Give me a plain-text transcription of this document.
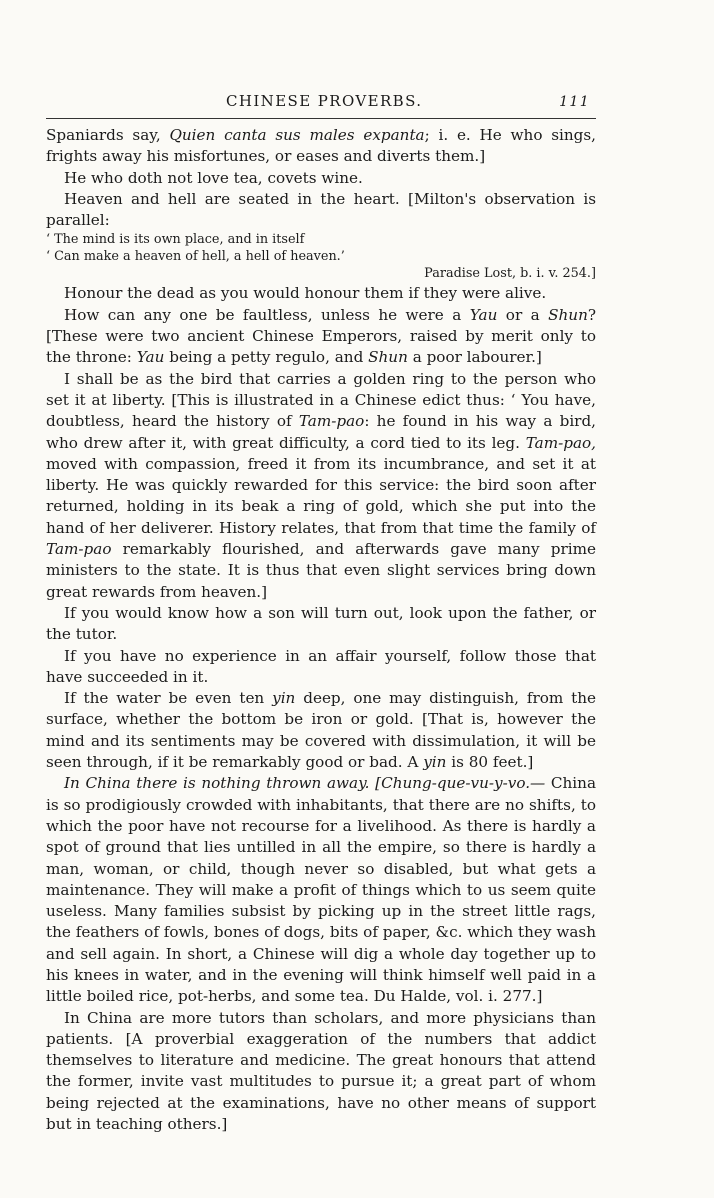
CHINESE PROVERBS.	111

Spaniards say, Quien canta sus males expanta; i. e. He who sings, frights away his misfortunes, or eases and diverts them.]

He who doth not love tea, covets wine.

Heaven and hell are seated in the heart. [Milton's observation is parallel:

‘ The mind is its own place, and in itself

‘ Can make a heaven of hell, a hell of heaven.’

Paradise Lost, b. i. v. 254.]

Honour the dead as you would honour them if they were alive.

How can any one be faultless, unless he were a Yau or a Shun? [These were two ancient Chinese Emperors, raised by merit only to the throne: Yau being a petty regulo, and Shun a poor labourer.]

I shall be as the bird that carries a golden ring to the person who set it at liberty. [This is illustrated in a Chinese edict thus: ‘ You have, doubtless, heard the history of Tam-pao: he found in his way a bird, who drew after it, with great difficulty, a cord tied to its leg. Tam-pao, moved with compassion, freed it from its incumbrance, and set it at liberty. He was quickly rewarded for this service: the bird soon after returned, holding in its beak a ring of gold, which she put into the hand of her deliverer. History relates, that from that time the family of Tam-pao remarkably flourished, and afterwards gave many prime ministers to the state. It is thus that even slight services bring down great rewards from heaven.]

If you would know how a son will turn out, look upon the father, or the tutor.

If you have no experience in an affair yourself, follow those that have succeeded in it.

If the water be even ten yin deep, one may distinguish, from the surface, whether the bottom be iron or gold. [That is, however the mind and its sentiments may be covered with dissimulation, it will be seen through, if it be remarkably good or bad. A yin is 80 feet.]

In China there is nothing thrown away. [Chung-que-vu-y-vo.— China is so prodigiously crowded with inhabitants, that there are no shifts, to which the poor have not recourse for a livelihood. As there is hardly a spot of ground that lies untilled in all the empire, so there is hardly a man, woman, or child, though never so disabled, but what gets a maintenance. They will make a profit of things which to us seem quite useless. Many families subsist by picking up in the street little rags, the feathers of fowls, bones of dogs, bits of paper, &c. which they wash and sell again. In short, a Chinese will dig a whole day together up to his knees in water, and in the evening will think himself well paid in a little boiled rice, pot-herbs, and some tea. Du Halde, vol. i. 277.]

In China are more tutors than scholars, and more physicians than patients. [A proverbial exaggeration of the numbers that addict themselves to literature and medicine. The great honours that attend the former, invite vast multitudes to pursue it; a great part of whom being rejected at the examinations, have no other means of support but in teaching others.]
